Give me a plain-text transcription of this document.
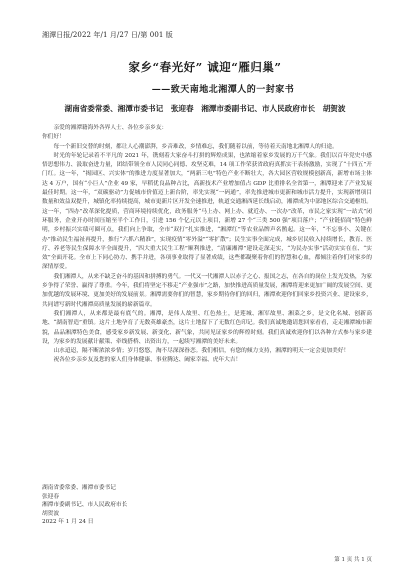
湘潭日报/2022 年/1 月/27 日/第 001 版
家乡“春光好” 诚迎“雁归巢”
——致天南地北湘潭人的一封家书
湖南省委常委、湘潭市委书记　张迎春　湘潭市委副书记、市人民政府市长　胡贺波

亲爱的湘潭籍海外各界人士、各位乡亲乡友：

你们好！

每一个新旧交替的时刻，都让人心潮澎湃，乡音难改，乡情难忘，我们随着以前，等待着天南地北湘潭人的归途。

时光的年轮记录着不平凡的 2021 年，镌刻着大家奋斗打拼的辉煌成果，也浓缩着家乡发展的万千气象。我们以百年党史中感悟思想伟力、汲取奋进力量，团结带领全市人民同心同德、攻坚克难，14 项工作荣获省政府真抓实干表扬激励，实现了“十四五”开门红。这一年，“揭园区、兴实体”的推进力度显著加大，“两新三电”特色产业不断壮大，各大园区营收规模创新高，新增市场主体达 4 万户，国有“小巨人”企业 49 家，早稻优良品种占比，高新技术产业增加值占 GDP 比重排名全省第一，湘潭迎来了产业发展最佳时期。这一年，“双碳驱动”力促城市价值迈上新台阶，率先实现“一码通”，率先推进城市更新和城市活力提升，实现新增项目数量和效益双提升，城镇化率持续提高，城市更新片区开发全速推进，轨道交通湘西延长线启动，湘潭成为中部地区综合交通枢纽。这一年，“四办”改革深化提质，营商环境持续优化，政务服务“马上办、网上办、就近办、一次办”改革，市民之家实现“一站式”闭环服务，企业开办时间压缩至半个工作日，引进 156 个亿元以上项目，新增 27 个“三类 500 强”项目落户；“产业链招商”特色鲜明，乡村振兴实绩可圈可点，我们向上争取，全市“双打”扎实推进，“湘潭红”等农业品牌声名鹊起。这一年，“不忘事小、关键在办”推动民生福祉再提升，推行“六抓六精准”，实现疫情“零外溢”“零扩散”；民生实事全面完成，城乡居民收入持续增长，教育、医疗、养老等民生保障水平全面提升，“四大重大民生工程”顺利推进，“清廉湘潭”建设走深走实，“为民办实事”活动实实在在、“实效”全面开花。全市上下同心协力、携手并进，各项事业取得了显著成绩，这些都凝聚着你们的智慧和心血，都倾注着你们对家乡的深情厚爱。

我们湘潭人，从来不缺乏奋斗的基因和拼搏的勇气。一代又一代湘潭人以赤子之心、报国之志，在各自的岗位上发光发热，为家乡争得了荣誉、赢得了尊重。今年，我们将坚定不移走“产业强市”之路，加快推进高质量发展，湘潭将迎来更加广阔的发展空间、更加优越的发展环境、更加美好的发展前景。湘潭需要你们的智慧，家乡期待你们的回归，湘潭欢迎你们回家乡投资兴业、建设家乡，共同谱写新时代湘潭高质量发展的崭新篇章。

我们湘潭人，从来都是最有底气的。湘潭，是伟人故里、红色热土，是莲城、湘军故里、湘菜之乡，是文化名城、创新高地、“湖南智造”重镇。这片土地孕育了无数英雄豪杰，这片土地留下了无数红色印记。我们真诚地邀请您回家看看，走走湘潭城市新貌，品品湘潭特色美食，感受家乡新发展、新变化、新气象，共同见证家乡的辉煌时刻。我们真诚欢迎你们以各种方式参与家乡建设，为家乡的发展献计献策、牵线搭桥、出资出力，一起续写湘潭的美好未来。

山水迢迢，隔不断浓浓乡情；岁月悠悠，淘不尽深深眷恋。我们相信，有您的倾力支持，湘潭的明天一定会更加美好！

祝各位乡亲乡友及您的家人们身体健康、事业腾达、阖家幸福、虎年大吉！

湖南省委常委、湘潭市委书记
张迎春
湘潭市委副书记、市人民政府市长
胡贺波
2022 年 1 月 24 日
第 1 页 共 1 页
